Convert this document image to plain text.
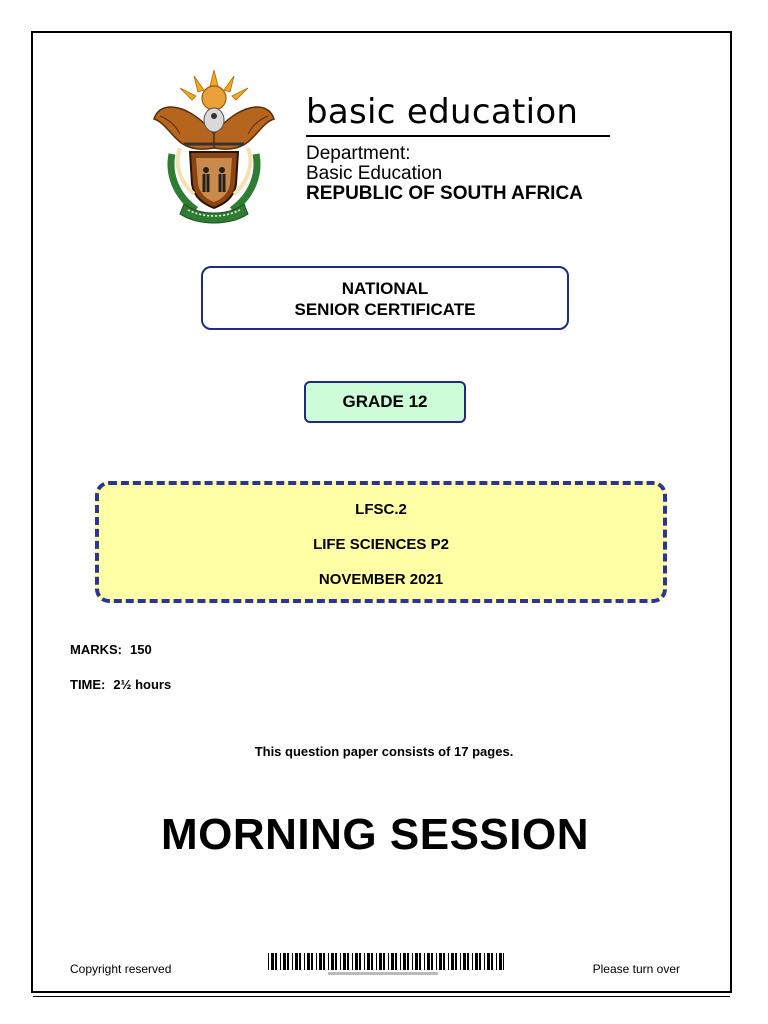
basic education
Department:
Basic Education
REPUBLIC OF SOUTH AFRICA
NATIONAL
SENIOR CERTIFICATE
GRADE 12
LFSC.2
LIFE SCIENCES P2
NOVEMBER 2021
MARKS: 150
TIME: 2½ hours
This question paper consists of 17 pages.
MORNING SESSION
Copyright reserved	Please turn over
